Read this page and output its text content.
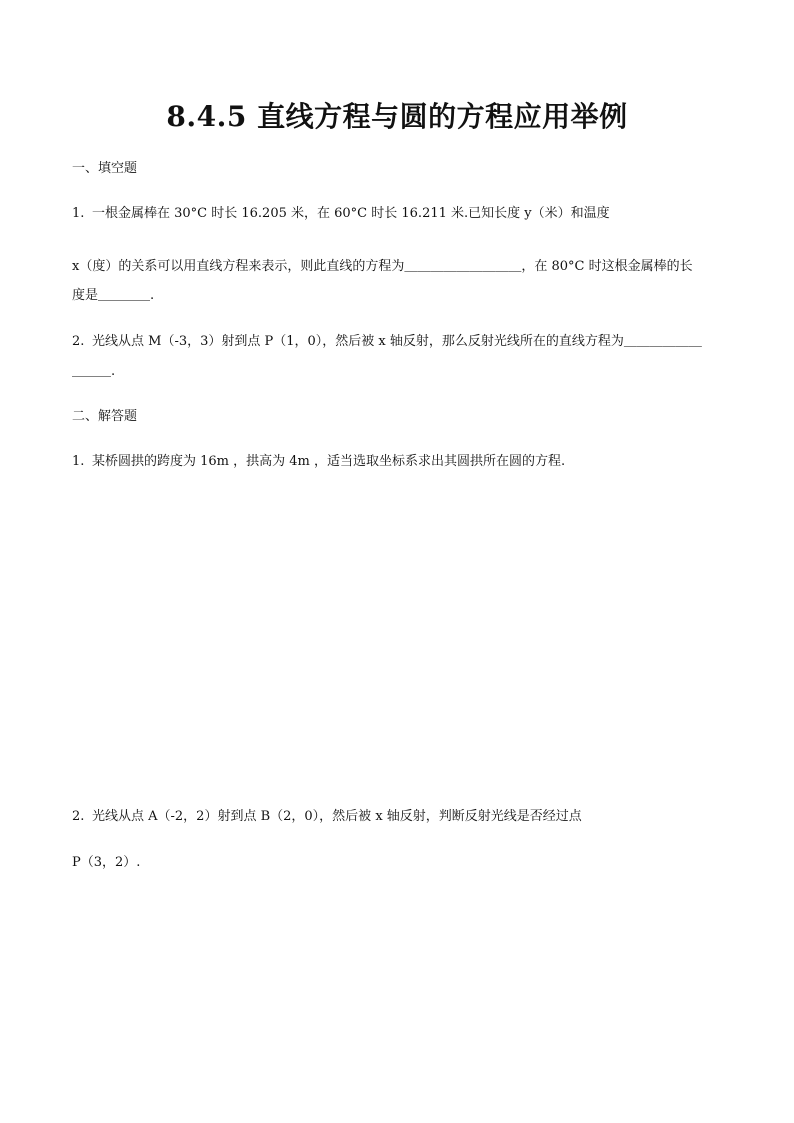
8.4.5 直线方程与圆的方程应用举例
一、填空题
1. 一根金属棒在 30°C 时长 16.205 米，在 60°C 时长 16.211 米.已知长度 y（米）和温度
x（度）的关系可以用直线方程来表示，则此直线的方程为＿＿＿＿＿＿＿＿＿，在 80°C 时这根金属棒的长
度是＿＿＿＿.
2. 光线从点 M（-3，3）射到点 P（1，0），然后被 x 轴反射，那么反射光线所在的直线方程为＿＿＿＿＿＿
＿＿＿.
二、解答题
1. 某桥圆拱的跨度为 16m ，拱高为 4m ，适当选取坐标系求出其圆拱所在圆的方程.
2. 光线从点 A（-2，2）射到点 B（2，0），然后被 x 轴反射，判断反射光线是否经过点
P（3，2）.
